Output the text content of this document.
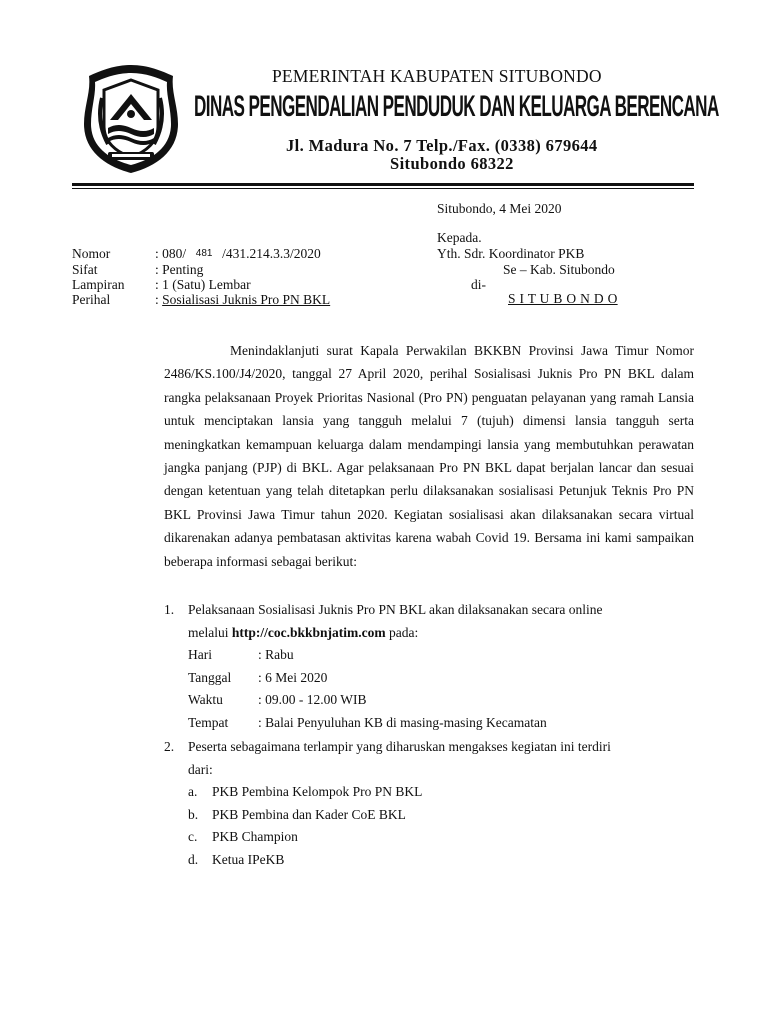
PEMERINTAH KABUPATEN SITUBONDO
DINAS PENGENDALIAN PENDUDUK DAN KELUARGA BERENCANA
Jl. Madura No. 7 Telp./Fax. (0338) 679644
Situbondo 68322
Situbondo, 4 Mei 2020
Kepada.
Yth. Sdr. Koordinator PKB
Se – Kab. Situbondo
di-
S I T U B O N D O
Nomor	: 080/ 481 /431.214.3.3/2020
Sifat	: Penting
Lampiran : 1 (Satu) Lembar
Perihal	: Sosialisasi Juknis Pro PN BKL
Menindaklanjuti surat Kapala Perwakilan BKKBN Provinsi Jawa Timur Nomor 2486/KS.100/J4/2020, tanggal 27 April 2020, perihal Sosialisasi Juknis Pro PN BKL dalam rangka pelaksanaan Proyek Prioritas Nasional (Pro PN) penguatan pelayanan yang ramah Lansia untuk menciptakan lansia yang tangguh melalui 7 (tujuh) dimensi lansia tangguh serta meningkatkan kemampuan keluarga dalam mendampingi lansia yang membutuhkan perawatan jangka panjang (PJP) di BKL. Agar pelaksanaan Pro PN BKL dapat berjalan lancar dan sesuai dengan ketentuan yang telah ditetapkan perlu dilaksanakan sosialisasi Petunjuk Teknis Pro PN BKL Provinsi Jawa Timur tahun 2020. Kegiatan sosialisasi akan dilaksanakan secara virtual dikarenakan adanya pembatasan aktivitas karena wabah Covid 19. Bersama ini kami sampaikan beberapa informasi sebagai berikut:
1. Pelaksanaan Sosialisasi Juknis Pro PN BKL akan dilaksanakan secara online
melalui http://coc.bkkbnjatim.com pada:
Hari	: Rabu
Tanggal : 6 Mei 2020
Waktu	: 09.00 - 12.00 WIB
Tempat : Balai Penyuluhan KB di masing-masing Kecamatan
2. Peserta sebagaimana terlampir yang diharuskan mengakses kegiatan ini terdiri
dari:
a. PKB Pembina Kelompok Pro PN BKL
b. PKB Pembina dan Kader CoE BKL
c. PKB Champion
d. Ketua IPeKB
